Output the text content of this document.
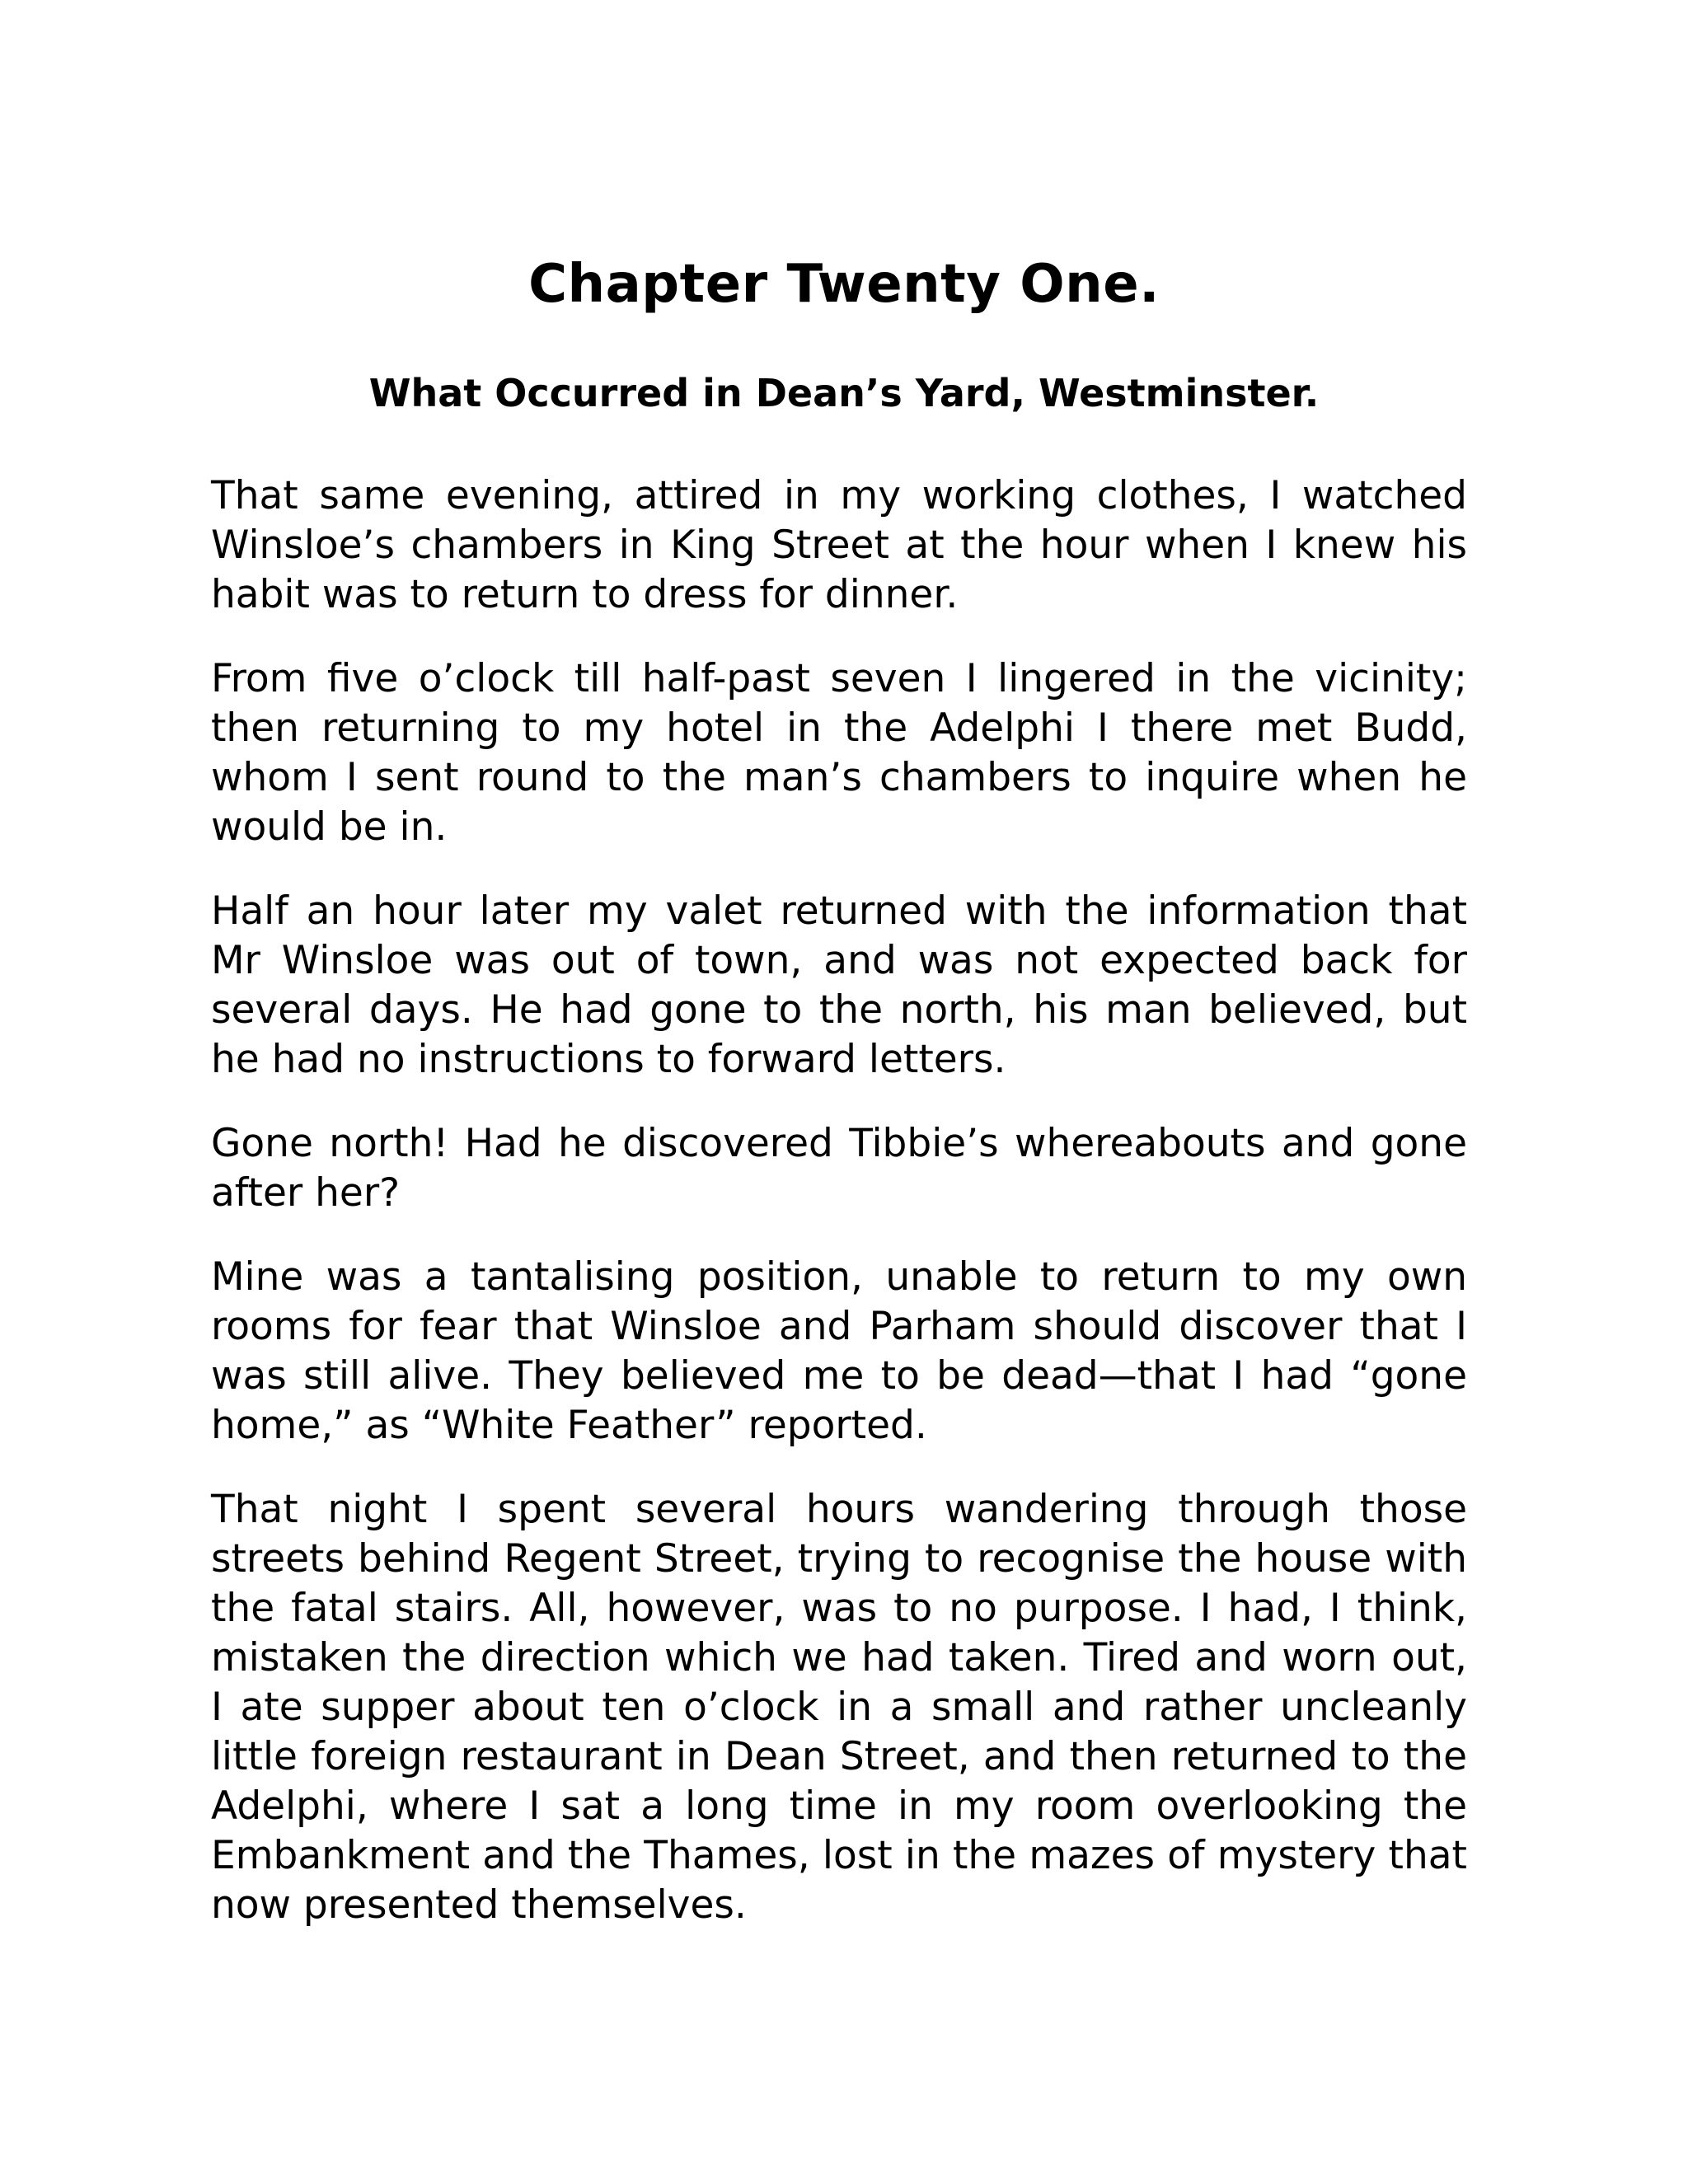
Chapter Twenty One.
What Occurred in Dean’s Yard, Westminster.

That same evening, attired in my working clothes, I watched Winsloe’s chambers in King Street at the hour when I knew his habit was to return to dress for dinner.

From five o’clock till half-past seven I lingered in the vicinity; then returning to my hotel in the Adelphi I there met Budd, whom I sent round to the man’s chambers to inquire when he would be in.

Half an hour later my valet returned with the information that Mr Winsloe was out of town, and was not expected back for several days. He had gone to the north, his man believed, but he had no instructions to forward letters.

Gone north! Had he discovered Tibbie’s whereabouts and gone after her?

Mine was a tantalising position, unable to return to my own rooms for fear that Winsloe and Parham should discover that I was still alive. They believed me to be dead—that I had “gone home,” as “White Feather” reported.

That night I spent several hours wandering through those streets behind Regent Street, trying to recognise the house with the fatal stairs. All, however, was to no purpose. I had, I think, mistaken the direction which we had taken. Tired and worn out, I ate supper about ten o’clock in a small and rather uncleanly little foreign restaurant in Dean Street, and then returned to the Adelphi, where I sat a long time in my room overlooking the Embankment and the Thames, lost in the mazes of mystery that now presented themselves.
